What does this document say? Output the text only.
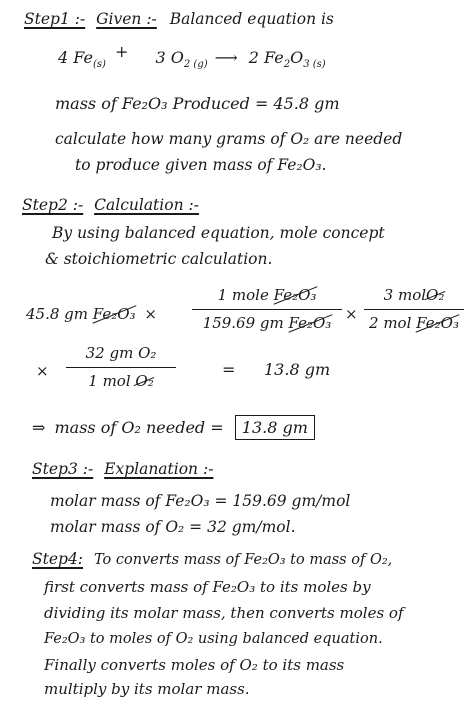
Step1 :- Given :- Balanced equation is
4 $Fe_{(s)} + 3$ $O_{2 (g)}$ ⟶ 2 $Fe_2O_{3 (s)}$
mass of Fe₂O₃ Produced = 45.8 gm
calculate how many grams of O₂ are needed
to produce given mass of Fe₂O₃.
Step2 :- Calculation :-
By using balanced equation, mole concept
& stoichiometric calculation.
45.8 gm Fe₂O₃ ×
1 mole Fe₂O₃
159.69 gm Fe₂O₃ ×
3 molO₂
2 mol Fe₂O₃
×
32 gm O₂
1 mol O₂
= 13.8 gm
⇒ mass of O₂ needed = 13.8 gm
Step3 :- Explanation :-
molar mass of Fe₂O₃ = 159.69 gm/mol
molar mass of O₂ = 32 gm/mol.
Step4: To converts mass of Fe₂O₃ to mass of O₂,
first converts mass of Fe₂O₃ to its moles by
dividing its molar mass, then converts moles of
Fe₂O₃ to moles of O₂ using balanced equation.
Finally converts moles of O₂ to its mass
multiply by its molar mass.
